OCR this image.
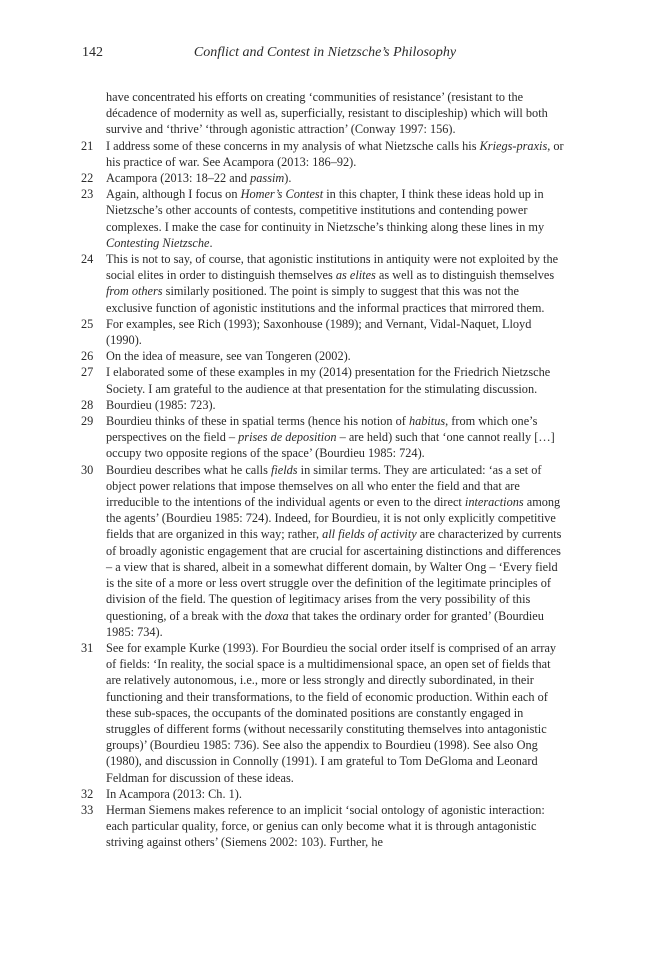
142	Conflict and Contest in Nietzsche’s Philosophy
have concentrated his efforts on creating ‘communities of resistance’ (resistant to the décadence of modernity as well as, superficially, resistant to discipleship) which will both survive and ‘thrive’ ‘through agonistic attraction’ (Conway 1997: 156).
21 I address some of these concerns in my analysis of what Nietzsche calls his Kriegs-praxis, or his practice of war. See Acampora (2013: 186–92).
22 Acampora (2013: 18–22 and passim).
23 Again, although I focus on Homer’s Contest in this chapter, I think these ideas hold up in Nietzsche’s other accounts of contests, competitive institutions and contending power complexes. I make the case for continuity in Nietzsche’s thinking along these lines in my Contesting Nietzsche.
24 This is not to say, of course, that agonistic institutions in antiquity were not exploited by the social elites in order to distinguish themselves as elites as well as to distinguish themselves from others similarly positioned. The point is simply to suggest that this was not the exclusive function of agonistic institutions and the informal practices that mirrored them.
25 For examples, see Rich (1993); Saxonhouse (1989); and Vernant, Vidal-Naquet, Lloyd (1990).
26 On the idea of measure, see van Tongeren (2002).
27 I elaborated some of these examples in my (2014) presentation for the Friedrich Nietzsche Society. I am grateful to the audience at that presentation for the stimulating discussion.
28 Bourdieu (1985: 723).
29 Bourdieu thinks of these in spatial terms (hence his notion of habitus, from which one’s perspectives on the field – prises de deposition – are held) such that ‘one cannot really […] occupy two opposite regions of the space’ (Bourdieu 1985: 724).
30 Bourdieu describes what he calls fields in similar terms. They are articulated: ‘as a set of object power relations that impose themselves on all who enter the field and that are irreducible to the intentions of the individual agents or even to the direct interactions among the agents’ (Bourdieu 1985: 724). Indeed, for Bourdieu, it is not only explicitly competitive fields that are organized in this way; rather, all fields of activity are characterized by currents of broadly agonistic engagement that are crucial for ascertaining distinctions and differences – a view that is shared, albeit in a somewhat different domain, by Walter Ong – ‘Every field is the site of a more or less overt struggle over the definition of the legitimate principles of division of the field. The question of legitimacy arises from the very possibility of this questioning, of a break with the doxa that takes the ordinary order for granted’ (Bourdieu 1985: 734).
31 See for example Kurke (1993). For Bourdieu the social order itself is comprised of an array of fields: ‘In reality, the social space is a multidimensional space, an open set of fields that are relatively autonomous, i.e., more or less strongly and directly subordinated, in their functioning and their transformations, to the field of economic production. Within each of these sub-spaces, the occupants of the dominated positions are constantly engaged in struggles of different forms (without necessarily constituting themselves into antagonistic groups)’ (Bourdieu 1985: 736). See also the appendix to Bourdieu (1998). See also Ong (1980), and discussion in Connolly (1991). I am grateful to Tom DeGloma and Leonard Feldman for discussion of these ideas.
32 In Acampora (2013: Ch. 1).
33 Herman Siemens makes reference to an implicit ‘social ontology of agonistic interaction: each particular quality, force, or genius can only become what it is through antagonistic striving against others’ (Siemens 2002: 103). Further, he
